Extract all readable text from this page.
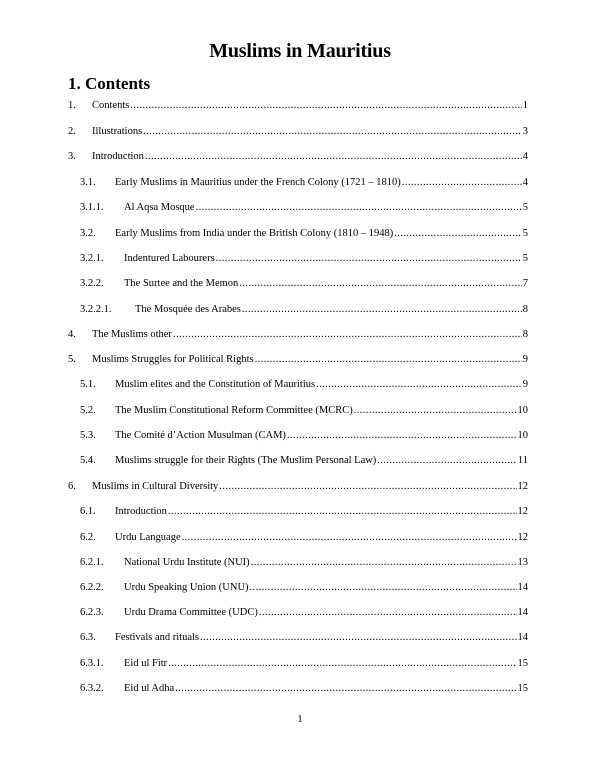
Muslims in Mauritius
1. Contents
1.	Contents .....	1
2.	Illustrations .....	3
3.	Introduction .....	4
3.1.	Early Muslims in Mauritius under the French Colony (1721 – 1810) .....	4
3.1.1.	Al Aqsa Mosque .....	5
3.2.	Early Muslims from India under the British Colony (1810 – 1948) .....	5
3.2.1.	Indentured Labourers .....	5
3.2.2.	The Surtee and the Memon .....	7
3.2.2.1.	The Mosquée des Arabes .....	8
4.	The Muslims other .....	8
5.	Muslims Struggles for Political Rights .....	9
5.1.	Muslim elites and the Constitution of Mauritius .....	9
5.2.	The Muslim Constitutional Reform Committee (MCRC) .....	10
5.3.	The Comité d’Action Musulman (CAM) .....	10
5.4.	Muslims struggle for their Rights (The Muslim Personal Law) .....	11
6.	Muslims in Cultural Diversity .....	12
6.1.	Introduction .....	12
6.2.	Urdu Language .....	12
6.2.1.	National Urdu Institute (NUI) .....	13
6.2.2.	Urdu Speaking Union (UNU) .....	14
6.2.3.	Urdu Drama Committee (UDC) .....	14
6.3.	Festivals and rituals .....	14
6.3.1.	Eid ul Fitr .....	15
6.3.2.	Eid ul Adha .....	15
1
